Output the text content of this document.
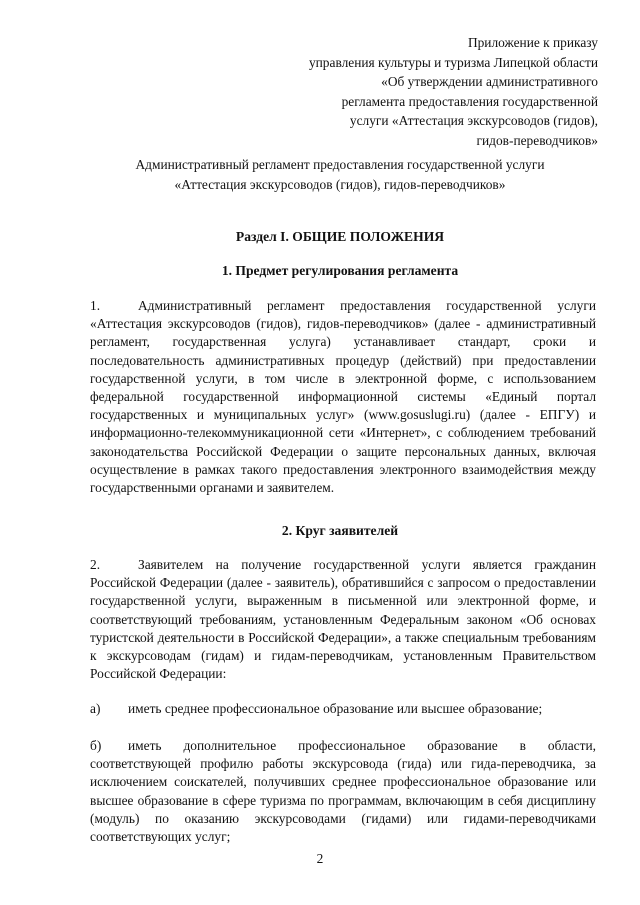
Приложение к приказу
управления культуры и туризма Липецкой области
«Об утверждении административного
регламента предоставления государственной
услуги «Аттестация экскурсоводов (гидов),
гидов-переводчиков»
Административный регламент предоставления государственной услуги
«Аттестация экскурсоводов (гидов), гидов-переводчиков»
Раздел I. ОБЩИЕ ПОЛОЖЕНИЯ
1. Предмет регулирования регламента
1.	Административный регламент предоставления государственной услуги «Аттестация экскурсоводов (гидов), гидов-переводчиков» (далее - административный регламент, государственная услуга) устанавливает стандарт, сроки и последовательность административных процедур (действий) при предоставлении государственной услуги, в том числе в электронной форме, с использованием федеральной государственной информационной системы «Единый портал государственных и муниципальных услуг» (www.gosuslugi.ru) (далее - ЕПГУ) и информационно-телекоммуникационной сети «Интернет», с соблюдением требований законодательства Российской Федерации о защите персональных данных, включая осуществление в рамках такого предоставления электронного взаимодействия между государственными органами и заявителем.
2. Круг заявителей
2.	Заявителем на получение государственной услуги является гражданин Российской Федерации (далее - заявитель), обратившийся с запросом о предоставлении государственной услуги, выраженным в письменной или электронной форме, и соответствующий требованиям, установленным Федеральным законом «Об основах туристской деятельности в Российской Федерации», а также специальным требованиям к экскурсоводам (гидам) и гидам-переводчикам, установленным Правительством Российской Федерации:
а) иметь среднее профессиональное образование или высшее образование;
б) иметь дополнительное профессиональное образование в области, соответствующей профилю работы экскурсовода (гида) или гида-переводчика, за исключением соискателей, получивших среднее профессиональное образование или высшее образование в сфере туризма по программам, включающим в себя дисциплину (модуль) по оказанию экскурсоводами (гидами) или гидами-переводчиками соответствующих услуг;
2
